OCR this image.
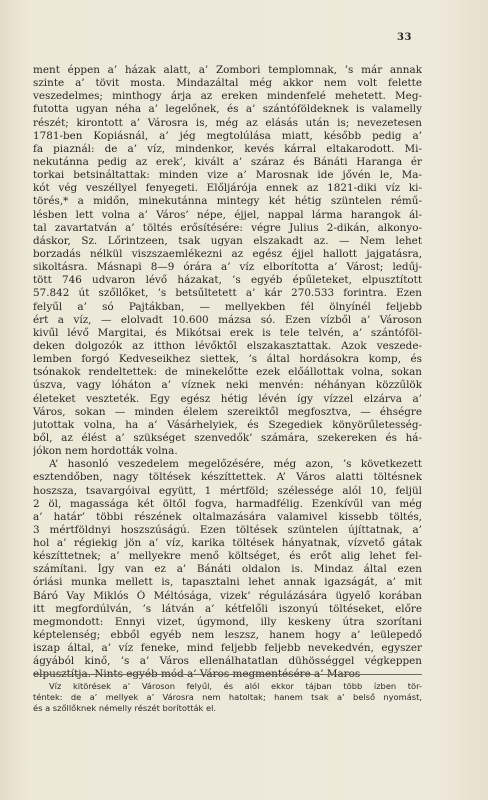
33
ment éppen a’ házak alatt, a’ Zombori templomnak, ’s már annak
szinte a’ tövit mosta. Mindazáltal még akkor nem volt felette
veszedelmes; minthogy árja az ereken mindenfelé mehetett. Meg-
futotta ugyan néha a’ legelőnek, és a’ szántóföldeknek is valamelly
részét; kirontott a’ Városra is, még az elásás után is; nevezetesen
1781-ben Kopiásnál, a’ jég megtolúlása miatt, később pedig a’
fa piaznál: de a’ víz, mindenkor, kevés kárral eltakarodott. Mi-
nekutánna pedig az erek’, kivált a’ száraz és Bánáti Haranga ér
torkai betsináltattak: minden vize a’ Marosnak ide jővén le, Ma-
kót vég veszéllyel fenyegeti. Előljárója ennek az 1821-diki víz ki-
törés,* a midőn, minekutánna mintegy két hétig szüntelen rémű-
lésben lett volna a’ Város’ népe, éjjel, nappal lárma harangok ál-
tal zavartatván a’ töltés erősítésére: végre Julius 2-dikán, alkonyo-
dáskor, Sz. Lőrintzeen, tsak ugyan elszakadt az. — Nem lehet
borzadás nélkül viszszaemlékezni az egész éjjel hallott jajgatásra,
sikoltásra. Másnapi 8—9 órára a’ víz elborította a’ Várost; ledűj-
tött 746 udvaron lévő házakat, ’s egyéb épűleteket, elpusztított
57.842 út szőllőket, ’s betsűltetett a’ kár 270.533 forintra. Ezen
felyűl a’ só Pajtákban, — mellyekben fél ölnyínél feljebb
ért a víz, — elolvadt 10.600 mázsa só. Ezen vízből a’ Városon
kivűl lévő Margitai, és Mikótsai erek is tele telvén, a’ szántóföl-
deken dolgozók az itthon lévőktől elszakasztattak. Azok veszede-
lemben forgó Kedveseikhez siettek, ’s által hordásokra komp, és
tsónakok rendeltettek: de minekelőtte ezek előállottak volna, sokan
úszva, vagy lóháton a’ víznek neki menvén: néhányan közzűlök
életeket veszteték. Egy egész hétig lévén így vízzel elzárva a’
Város, sokan — minden élelem szereiktől megfosztva, — éhségre
jutottak volna, ha a’ Vásárhelyiek, és Szegediek könyörűletesség-
ből, az élést a’ szükséget szenvedők’ számára, szekereken és há-
jókon nem hordották volna.
A’ hasonló veszedelem megelőzésére, még azon, ’s következett
esztendőben, nagy töltések készíttettek. A’ Város alatti töltésnek
hoszsza, tsavargóival együtt, 1 mértföld; szélessége alól 10, feljül
2 öl, magassága két öltől fogva, harmadfélig. Ezenkívűl van még
a’ határ’ többi részének oltalmazására valamivel kissebb töltés,
3 mértföldnyi hoszszúságú. Ezen töltések szüntelen újíttatnak, a’
hol a’ régiekig jön a’ víz, karika töltések hányatnak, vízvető gátak
készíttetnek; a’ mellyekre menő költséget, és erőt alig lehet fel-
számítani. Így van ez a’ Bánáti oldalon is. Mindaz által ezen
óriási munka mellett is, tapasztalni lehet annak igazságát, a’ mit
Báró Vay Miklós Ő Méltósága, vizek’ régulázására ügyelő korában
itt megfordúlván, ’s látván a’ kétfelőli iszonyú töltéseket, előre
megmondott: Ennyi vizet, úgymond, illy keskeny útra szorítani
képtelenség; ebből egyéb nem leszsz, hanem hogy a’ leülepedő
iszap által, a’ víz feneke, mind feljebb feljebb nevekedvén, egyszer
ágyából kinő, ’s a’ Város ellenálhatatlan dühösséggel végkeppen
elpusztítja. Nints egyéb mód a’ Város megmentésére a’ Maros
Víz kitörések a’ Városon felyűl, és alól ekkor tájban több ízben tör-
téntek: de a’ mellyek a’ Városra nem hatoltak; hanem tsak a’ belső nyomást,
és a szőllőknek némelly részét borították el.
